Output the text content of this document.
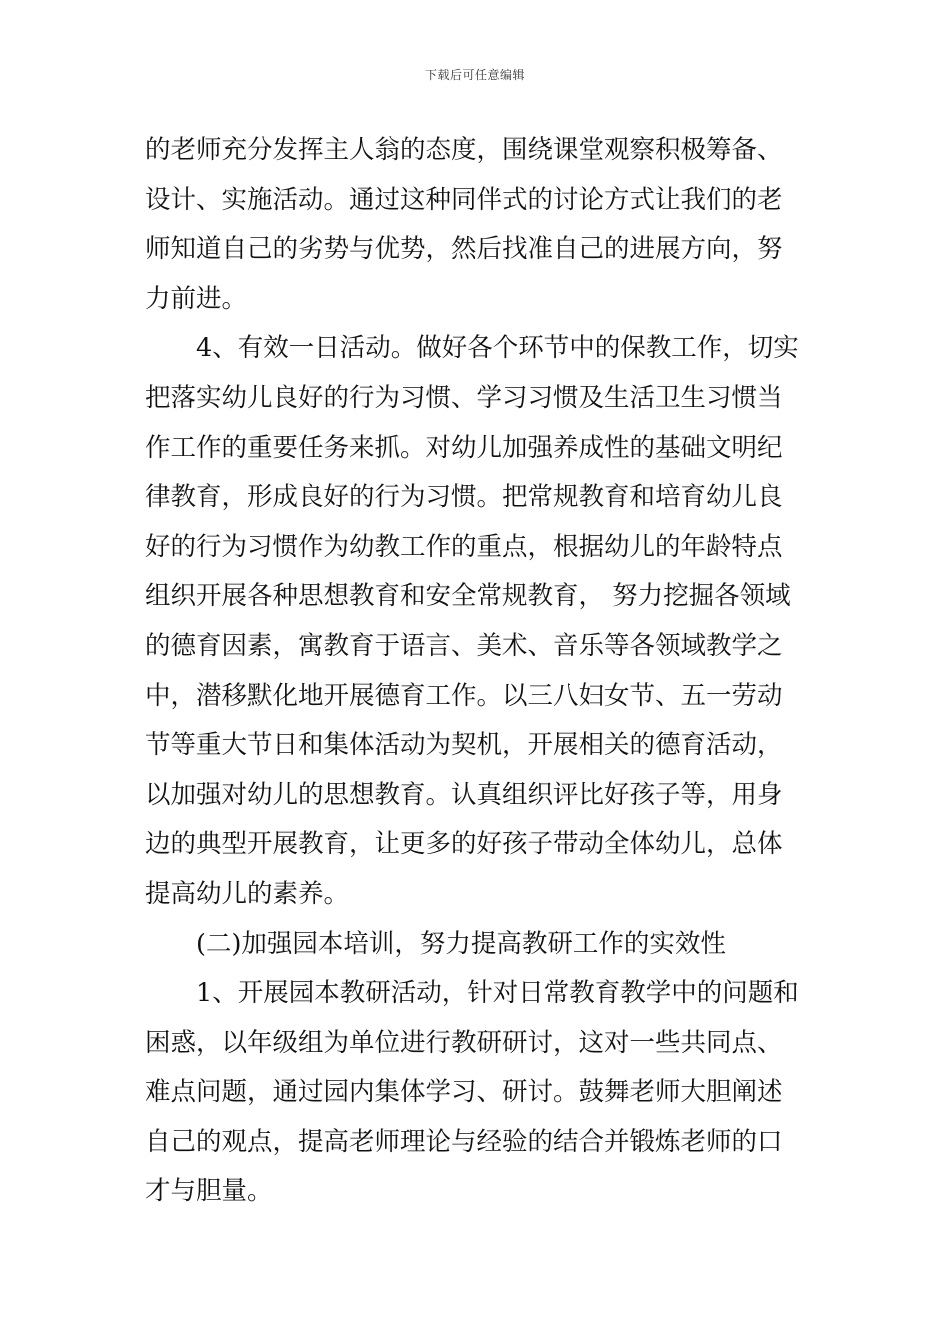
下载后可任意编辑
的老师充分发挥主人翁的态度，围绕课堂观察积极筹备、
设计、实施活动。通过这种同伴式的讨论方式让我们的老
师知道自己的劣势与优势，然后找准自己的进展方向，努
力前进。
4、有效一日活动。做好各个环节中的保教工作，切实
把落实幼儿良好的行为习惯、学习习惯及生活卫生习惯当
作工作的重要任务来抓。对幼儿加强养成性的基础文明纪
律教育，形成良好的行为习惯。把常规教育和培育幼儿良
好的行为习惯作为幼教工作的重点，根据幼儿的年龄特点
组织开展各种思想教育和安全常规教育， 努力挖掘各领域
的德育因素，寓教育于语言、美术、音乐等各领域教学之
中，潜移默化地开展德育工作。以三八妇女节、五一劳动
节等重大节日和集体活动为契机，开展相关的德育活动，
以加强对幼儿的思想教育。认真组织评比好孩子等，用身
边的典型开展教育，让更多的好孩子带动全体幼儿，总体
提高幼儿的素养。
(二)加强园本培训，努力提高教研工作的实效性
1、开展园本教研活动，针对日常教育教学中的问题和
困惑，以年级组为单位进行教研研讨，这对一些共同点、
难点问题，通过园内集体学习、研讨。鼓舞老师大胆阐述
自己的观点，提高老师理论与经验的结合并锻炼老师的口
才与胆量。
